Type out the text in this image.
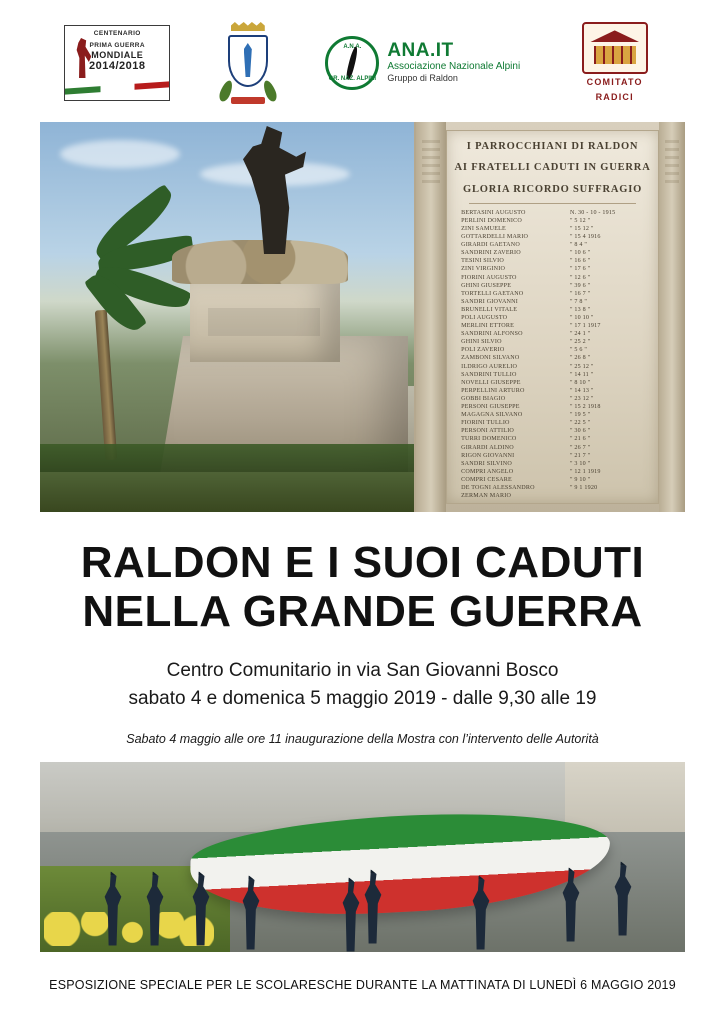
CENTENARIO
PRIMA GUERRA
MONDIALE
2014/2018
A.N.A.
GR. NAZ. ALPINI
ANA.IT
Associazione Nazionale Alpini
Gruppo di Raldon	COMITATO
RADICI
I PARROCCHIANI DI RALDON
AI FRATELLI CADUTI IN GUERRA
GLORIA RICORDO SUFFRAGIO
BERTASINI AUGUSTO	N. 30 - 10 - 1915
PERLINI DOMENICO	" 5 12 "
ZINI SAMUELE	" 15 12 "
GOTTARDELLI MARIO	" 15 4 1916
GIRARDI GAETANO	" 8 4 "
SANDRINI ZAVERIO	" 10 6 "
TESINI SILVIO	" 16 6 "
ZINI VIRGINIO	" 17 6 "
FIORINI AUGUSTO	" 12 6 "
GHINI GIUSEPPE	" 39 6 "
TORTELLI GAETANO	" 16 7 "
SANDRI GIOVANNI	" 7 8 "
BRUNELLI VITALE	" 13 8 "
POLI AUGUSTO	" 10 10 "
MERLINI ETTORE	" 17 1 1917
SANDRINI ALFONSO	" 24 1 "
GHINI SILVIO	" 25 2 "
POLI ZAVERIO	" 5 6 "
ZAMBONI SILVANO	" 26 8 "
ILDRIGO AURELIO	" 25 12 "
SANDRINI TULLIO	" 14 11 "
NOVELLI GIUSEPPE	" 8 10 "
PERPELLINI ARTURO	" 14 13 "
GOBBI BIAGIO	" 23 12 "
PERSONI GIUSEPPE	" 15 2 1918
MAGAGNA SILVANO	" 19 5 "
FIORINI TULLIO	" 22 5 "
PERSONI ATTILIO	" 30 6 "
TURRI DOMENICO	" 21 6 "
GIRARDI ALDINO	" 26 7 "
RIGON GIOVANNI	" 21 7 "
SANDRI SILVINO	" 3 10 "
COMPRI ANGELO	" 12 1 1919
COMPRI CESARE	" 9 10 "
DE TOGNI ALESSANDRO	" 9 1 1920
ZERMAN MARIO
RALDON E I SUOI CADUTI
NELLA GRANDE GUERRA
Centro Comunitario in via San Giovanni Bosco
sabato 4 e domenica 5 maggio 2019 - dalle 9,30 alle 19
Sabato 4 maggio alle ore 11 inaugurazione della Mostra con l’intervento delle Autorità
ESPOSIZIONE SPECIALE PER LE SCOLARESCHE DURANTE LA MATTINATA DI LUNEDÌ 6 MAGGIO 2019
